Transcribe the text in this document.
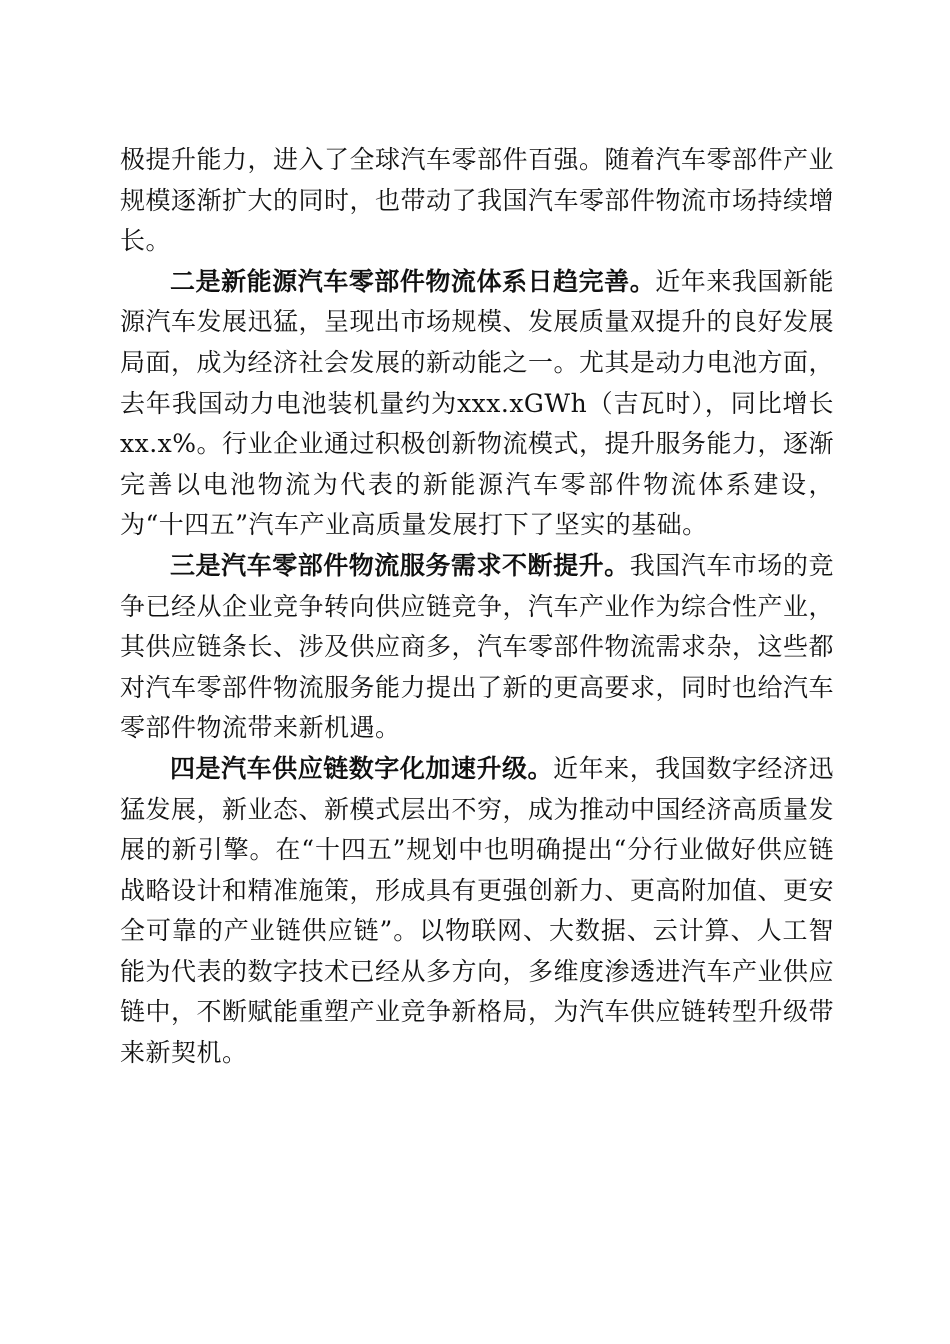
极提升能力，进入了全球汽车零部件百强。随着汽车零部件产业规模逐渐扩大的同时，也带动了我国汽车零部件物流市场持续增长。

二是新能源汽车零部件物流体系日趋完善。近年来我国新能源汽车发展迅猛，呈现出市场规模、发展质量双提升的良好发展局面，成为经济社会发展的新动能之一。尤其是动力电池方面，去年我国动力电池装机量约为xxx.xGWh（吉瓦时），同比增长xx.x%。行业企业通过积极创新物流模式，提升服务能力，逐渐完善以电池物流为代表的新能源汽车零部件物流体系建设，为“十四五”汽车产业高质量发展打下了坚实的基础。

三是汽车零部件物流服务需求不断提升。我国汽车市场的竞争已经从企业竞争转向供应链竞争，汽车产业作为综合性产业，其供应链条长、涉及供应商多，汽车零部件物流需求杂，这些都对汽车零部件物流服务能力提出了新的更高要求，同时也给汽车零部件物流带来新机遇。

四是汽车供应链数字化加速升级。近年来，我国数字经济迅猛发展，新业态、新模式层出不穷，成为推动中国经济高质量发展的新引擎。在“十四五”规划中也明确提出“分行业做好供应链战略设计和精准施策，形成具有更强创新力、更高附加值、更安全可靠的产业链供应链”。以物联网、大数据、云计算、人工智能为代表的数字技术已经从多方向，多维度渗透进汽车产业供应链中，不断赋能重塑产业竞争新格局，为汽车供应链转型升级带来新契机。
